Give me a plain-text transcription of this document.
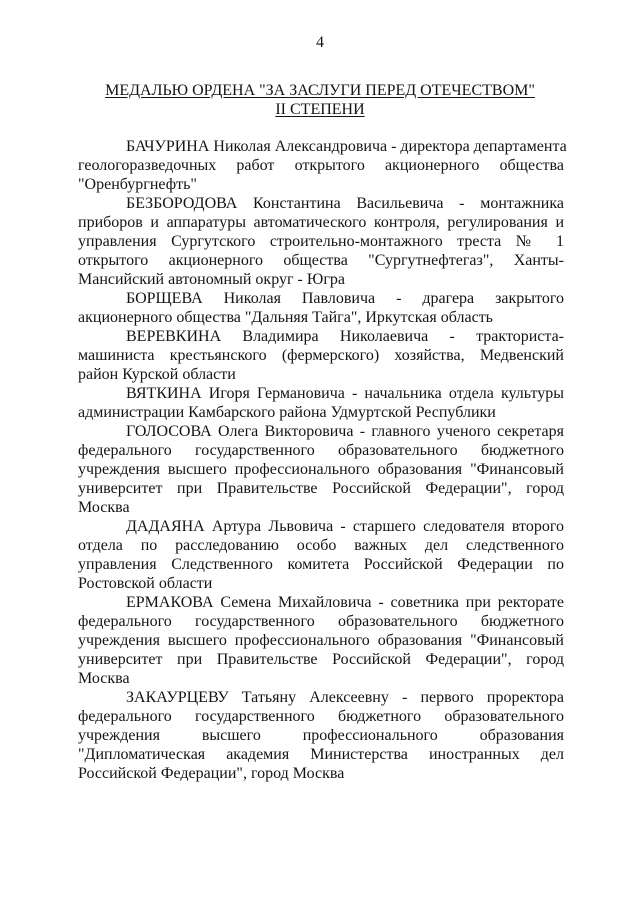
4
МЕДАЛЬЮ ОРДЕНА "ЗА ЗАСЛУГИ ПЕРЕД ОТЕЧЕСТВОМ"
II СТЕПЕНИ

БАЧУРИНА Николая Александровича - директора департамента
геологоразведочных работ открытого акционерного общества
"Оренбургнефть"

БЕЗБОРОДОВА Константина Васильевича - монтажника
приборов и аппаратуры автоматического контроля, регулирования и
управления Сургутского строительно-монтажного треста № 1
открытого акционерного общества "Сургутнефтегаз", Ханты-
Мансийский автономный округ - Югра

БОРЩЕВА Николая Павловича - драгера закрытого
акционерного общества "Дальняя Тайга", Иркутская область

ВЕРЕВКИНА Владимира Николаевича - тракториста-
машиниста крестьянского (фермерского) хозяйства, Медвенский
район Курской области

ВЯТКИНА Игоря Германовича - начальника отдела культуры
администрации Камбарского района Удмуртской Республики

ГОЛОСОВА Олега Викторовича - главного ученого секретаря
федерального государственного образовательного бюджетного
учреждения высшего профессионального образования "Финансовый
университет при Правительстве Российской Федерации", город
Москва

ДАДАЯНА Артура Львовича - старшего следователя второго
отдела по расследованию особо важных дел следственного
управления Следственного комитета Российской Федерации по
Ростовской области

ЕРМАКОВА Семена Михайловича - советника при ректорате
федерального государственного образовательного бюджетного
учреждения высшего профессионального образования "Финансовый
университет при Правительстве Российской Федерации", город
Москва

ЗАКАУРЦЕВУ Татьяну Алексеевну - первого проректора
федерального государственного бюджетного образовательного
учреждения высшего профессионального образования
"Дипломатическая академия Министерства иностранных дел
Российской Федерации", город Москва
